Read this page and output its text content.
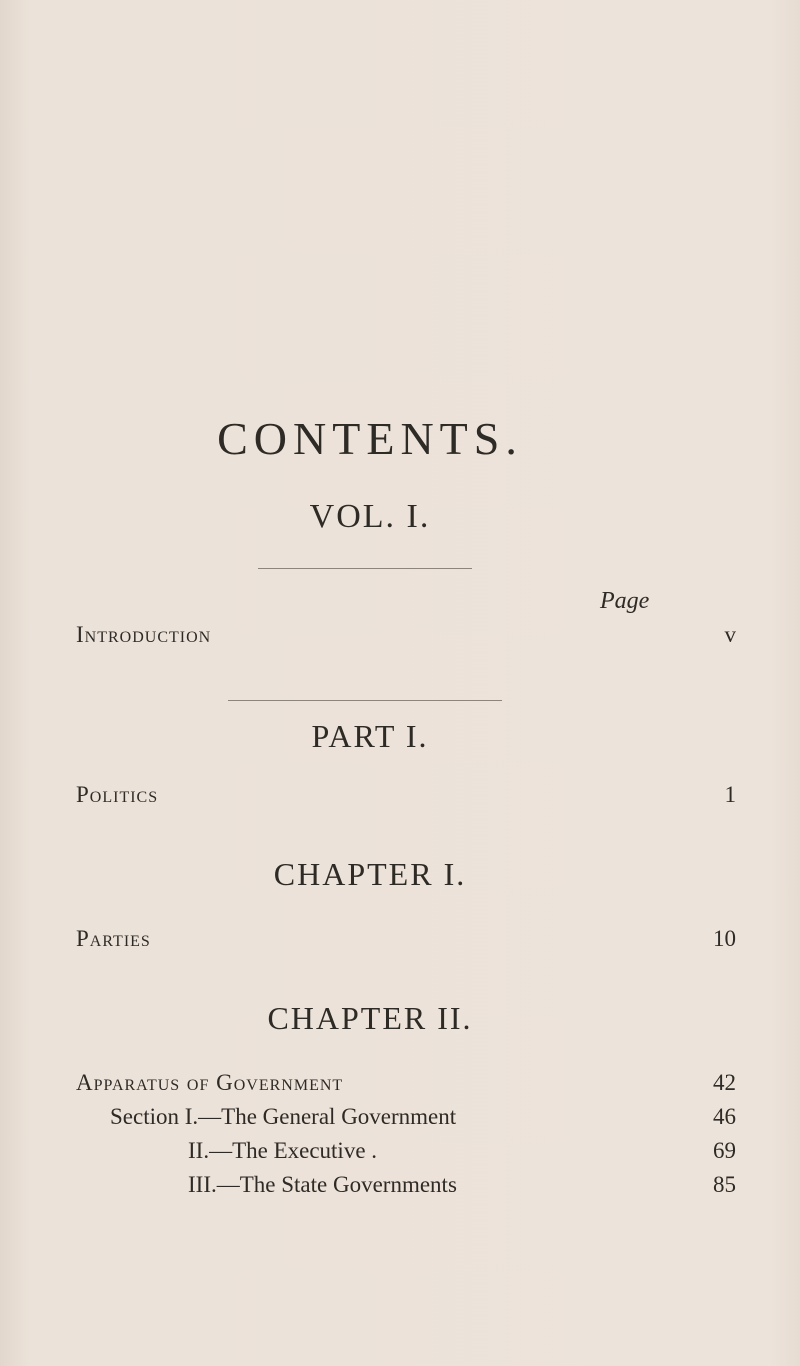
CONTENTS.
VOL. I.
Page
Introduction	v
PART I.
Politics	1
CHAPTER I.
Parties	10
CHAPTER II.
Apparatus of Government	42
Section I.—The General Government	46
II.—The Executive .	69
III.—The State Governments	85
